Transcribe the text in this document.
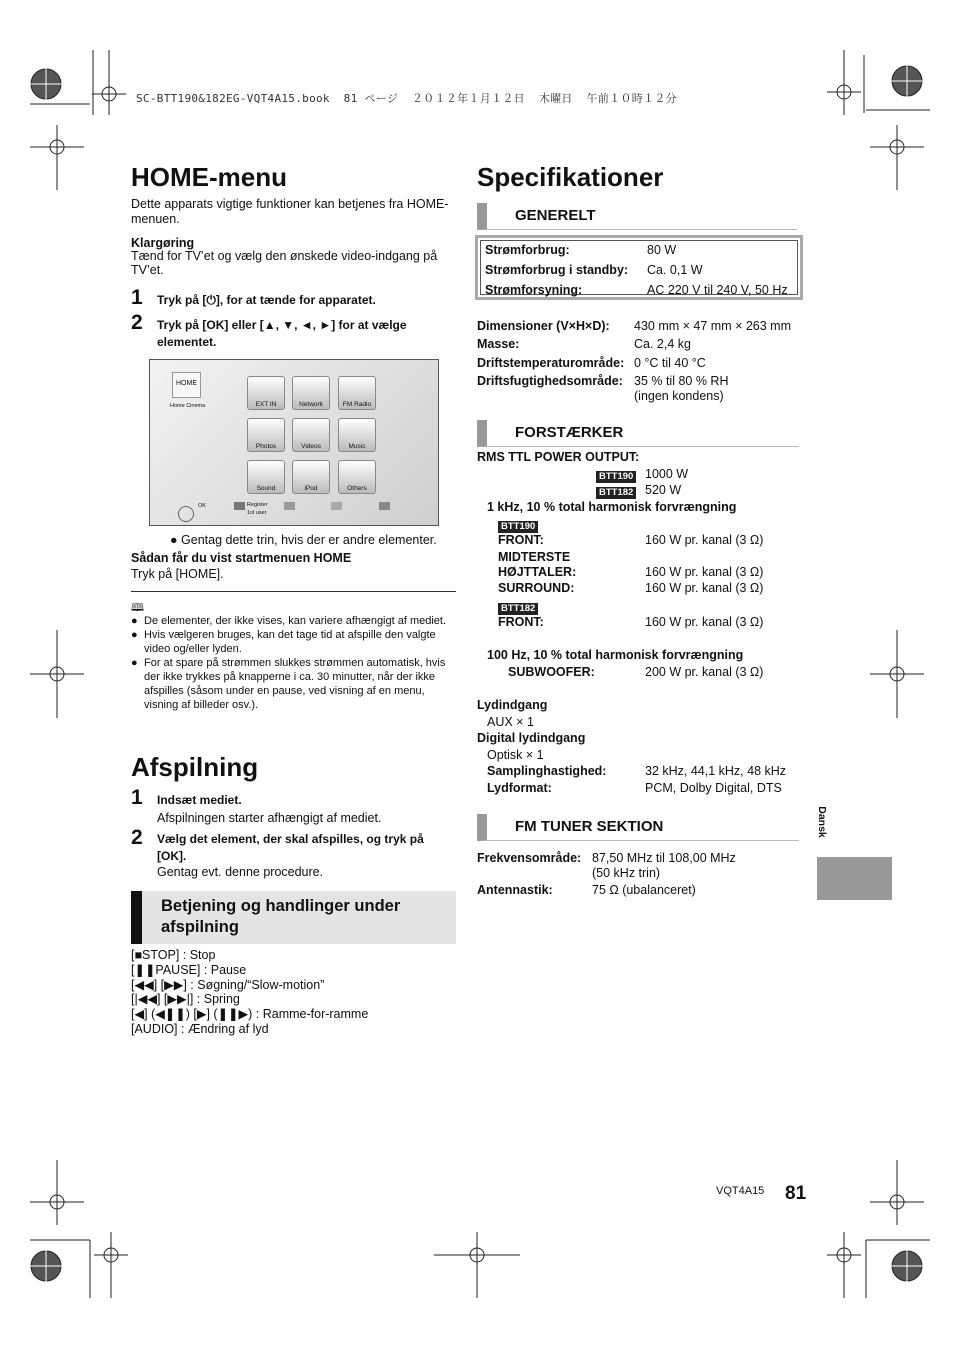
SC-BTT190&182EG-VQT4A15.book  81 ページ  ２０１２年１月１２日  木曜日  午前１０時１２分
HOME-menu
Dette apparats vigtige funktioner kan betjenes fra HOME-menuen.
Klargøring
Tænd for TV’et og vælg den ønskede video-indgang på TV’et.
1 Tryk på [⏻], for at tænde for apparatet.
2 Tryk på [OK] eller [▲, ▼, ◄, ►] for at vælge elementet.
HOME
Home Cinema	EXT IN	Network	FM Radio
Photos	Videos	Music
Sound	iPod	Others
OK	Register
1st user
● Gentag dette trin, hvis der er andre elementer.
Sådan får du vist startmenuen HOME
Tryk på [HOME].
🕮
● De elementer, der ikke vises, kan variere afhængigt af mediet.
● Hvis vælgeren bruges, kan det tage tid at afspille den valgte video og/eller lyden.
● For at spare på strømmen slukkes strømmen automatisk, hvis der ikke trykkes på knapperne i ca. 30 minutter, når der ikke afspilles (såsom under en pause, ved visning af en menu, visning af billeder osv.).
Afspilning
1 Indsæt mediet.
Afspilningen starter afhængigt af mediet.
2 Vælg det element, der skal afspilles, og tryk på [OK].
Gentag evt. denne procedure.
Betjening og handlinger under afspilning
[■STOP] : Stop
[❚❚PAUSE] : Pause
[◀◀] [▶▶] : Søgning/“Slow-motion”
[|◀◀] [▶▶|] : Spring
[◀] (◀❚❚) [▶] (❚❚▶) : Ramme-for-ramme
[AUDIO] : Ændring af lyd
Specifikationer
GENERELT
Strømforbrug:	80 W
Strømforbrug i standby: Ca. 0,1 W
Strømforsyning:	AC 220 V til 240 V, 50 Hz
Dimensioner (V×H×D): 430 mm × 47 mm × 263 mm
Masse:	Ca. 2,4 kg
Driftstemperaturområde: 0 °C til 40 °C
Driftsfugtighedsområde: 35 % til 80 % RH
(ingen kondens)
FORSTÆRKER
RMS TTL POWER OUTPUT:
BTT190 1000 W
BTT182 520 W
1 kHz, 10 % total harmonisk forvrængning
BTT190
FRONT:	160 W pr. kanal (3 Ω)
MIDTERSTE
HØJTTALER:	160 W pr. kanal (3 Ω)
SURROUND:	160 W pr. kanal (3 Ω)
BTT182
FRONT:	160 W pr. kanal (3 Ω)
100 Hz, 10 % total harmonisk forvrængning
SUBWOOFER:	200 W pr. kanal (3 Ω)
Lydindgang
AUX × 1
Digital lydindgang
Optisk × 1
Samplinghastighed:	32 kHz, 44,1 kHz, 48 kHz
Lydformat:	PCM, Dolby Digital, DTS
FM TUNER SEKTION
Frekvensområde: 87,50 MHz til 108,00 MHz
(50 kHz trin)
Antennastik:	75 Ω (ubalanceret)
Dansk
VQT4A15 81
